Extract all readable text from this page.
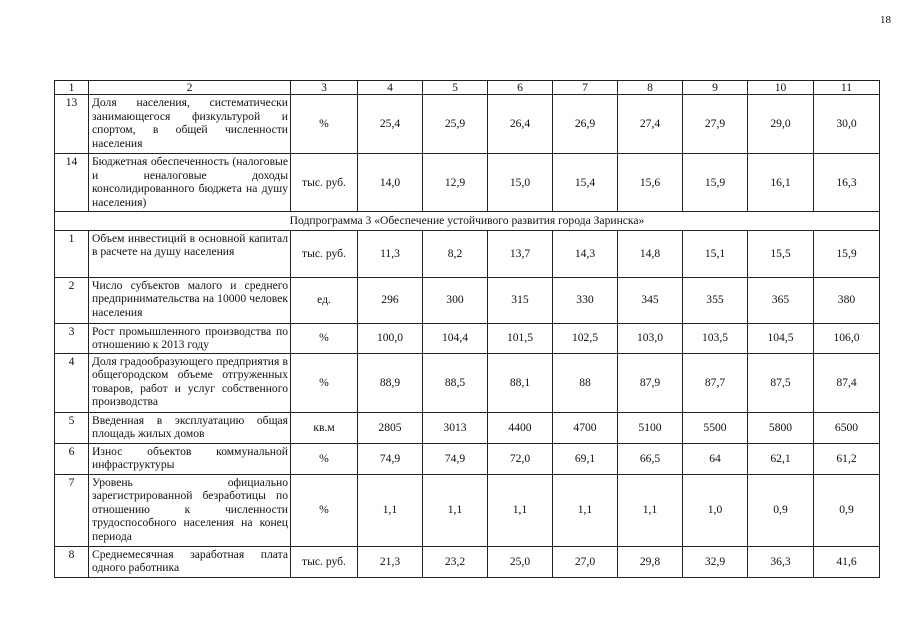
18
1	2	3	4	5	6	7	8	9	10	11
13	Доля населения, систематически занимающегося физкультурой и спортом, в общей численности населения	%	25,4	25,9	26,4	26,9	27,4	27,9	29,0	30,0
14	Бюджетная обеспеченность (налоговые и неналоговые доходы консолидированного бюджета на душу населения)	тыс. руб.	14,0	12,9	15,0	15,4	15,6	15,9	16,1	16,3
Подпрограмма 3 «Обеспечение устойчивого развития города Заринска»										
1	Объем инвестиций в основной капитал в расчете на душу населения	тыс. руб.	11,3	8,2	13,7	14,3	14,8	15,1	15,5	15,9
2	Число субъектов малого и среднего предпринимательства на 10000 человек населения	ед.	296	300	315	330	345	355	365	380
3	Рост промышленного производства по отношению к 2013 году	%	100,0	104,4	101,5	102,5	103,0	103,5	104,5	106,0
4	Доля градообразующего предприятия в общегородском объеме отгруженных товаров, работ и услуг собственного производства	%	88,9	88,5	88,1	88	87,9	87,7	87,5	87,4
5	Введенная в эксплуатацию общая площадь жилых домов	кв.м	2805	3013	4400	4700	5100	5500	5800	6500
6	Износ объектов коммунальной инфраструктуры	%	74,9	74,9	72,0	69,1	66,5	64	62,1	61,2
7	Уровень официально зарегистрированной безработицы по отношению к численности трудоспособного населения на конец периода	%	1,1	1,1	1,1	1,1	1,1	1,0	0,9	0,9
8	Среднемесячная заработная плата одного работника	тыс. руб.	21,3	23,2	25,0	27,0	29,8	32,9	36,3	41,6
